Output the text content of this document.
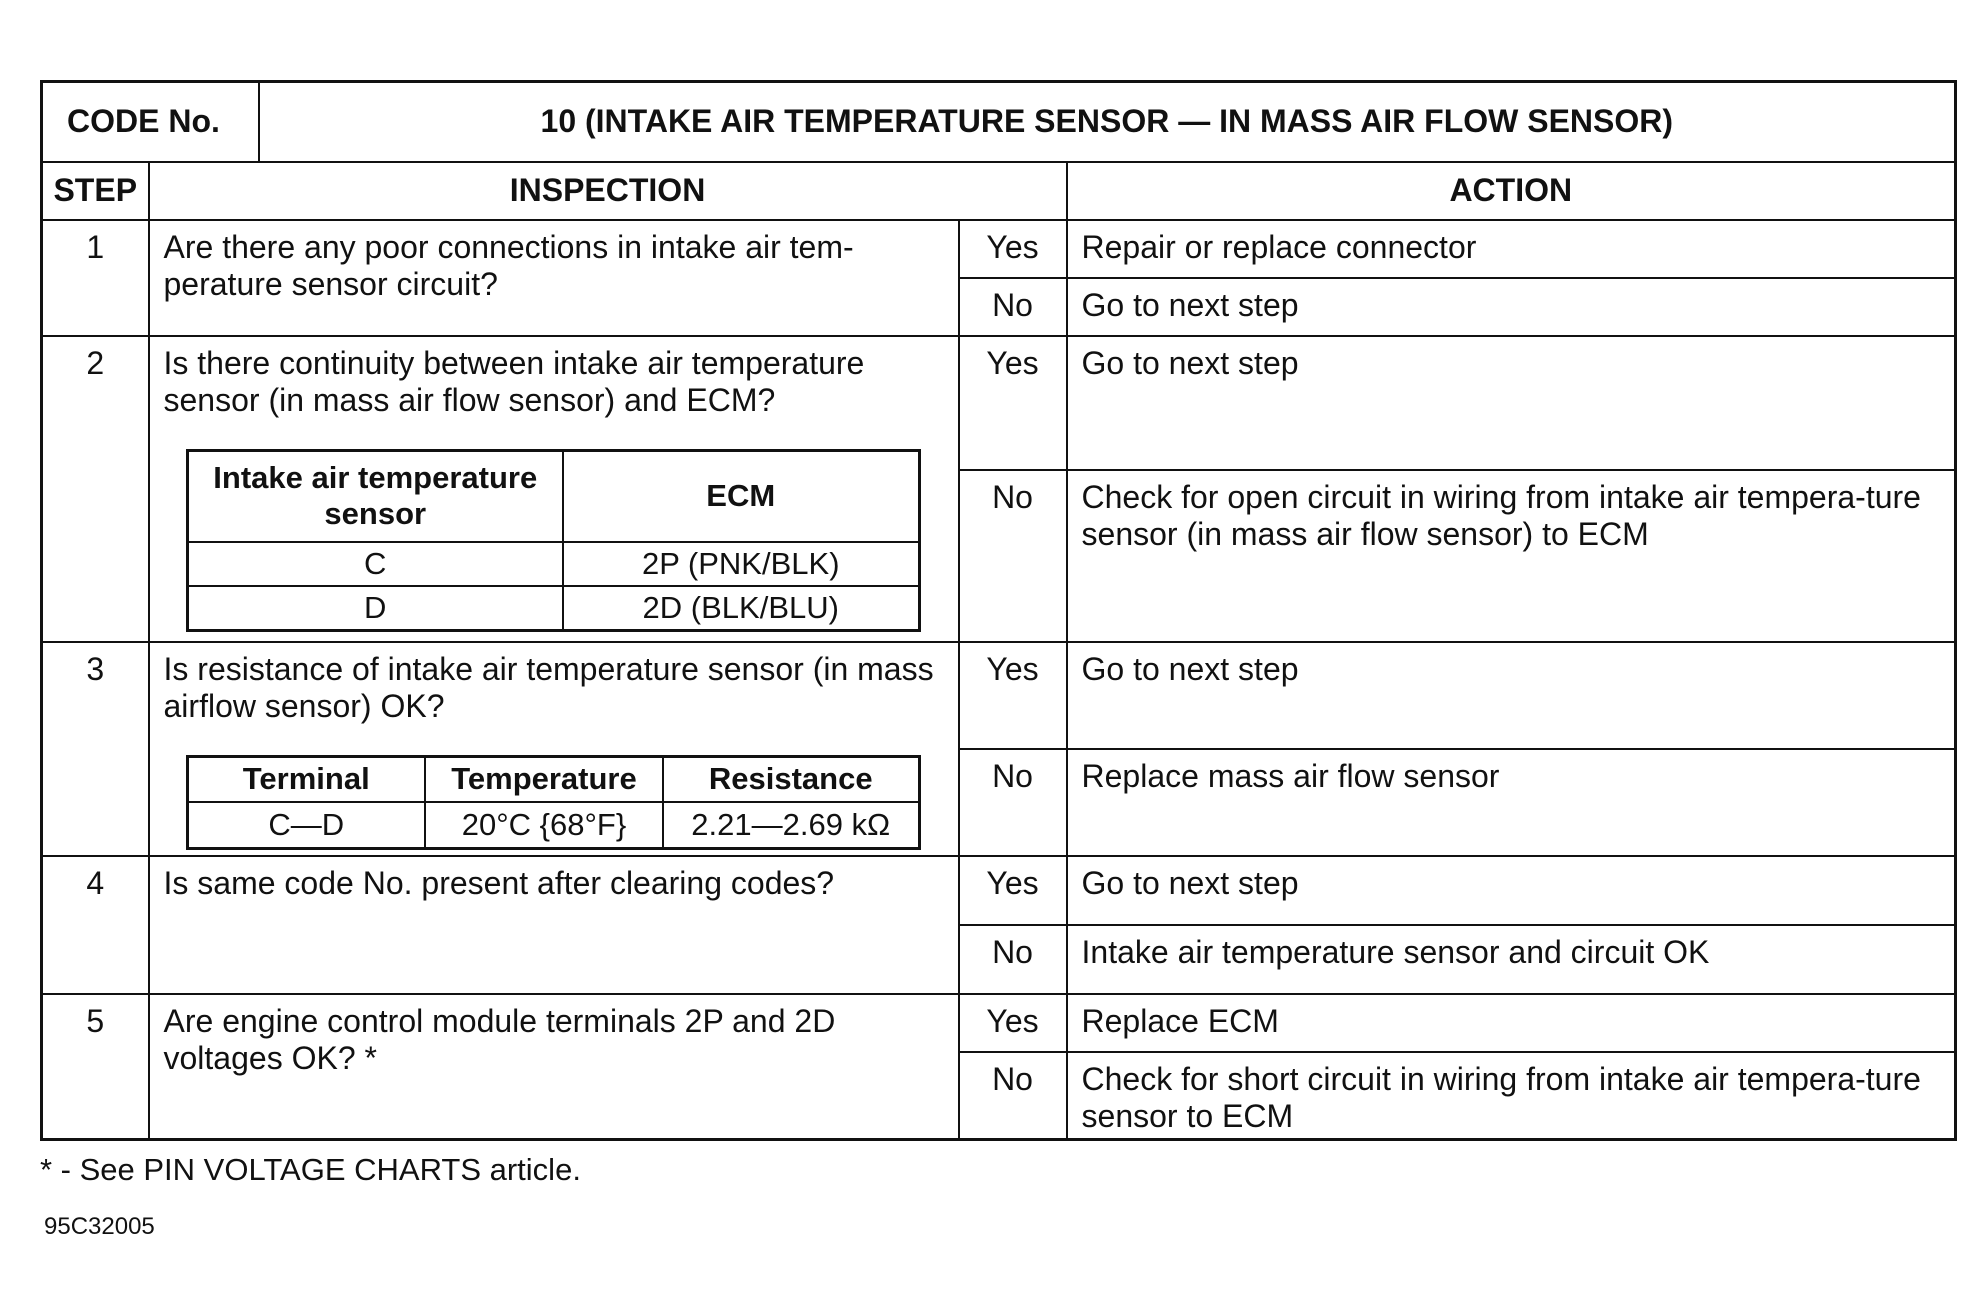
CODE No.	10 (INTAKE AIR TEMPERATURE SENSOR — IN MASS AIR FLOW SENSOR)
STEP	INSPECTION	ACTION
1	Are there any poor connections in intake air tem-perature sensor circuit?	Yes	Repair or replace connector
No	Go to next step
2	Is there continuity between intake air temperature sensor (in mass air flow sensor) and ECM?
Intake air temperature sensor	ECM
C	2P (PNK/BLK)
D	2D (BLK/BLU)
	Yes	Go to next step
No	Check for open circuit in wiring from intake air tempera-ture sensor (in mass air flow sensor) to ECM
3	Is resistance of intake air temperature sensor (in mass airflow sensor) OK?
Terminal	Temperature	Resistance
C—D	20°C {68°F}	2.21—2.69 kΩ
	Yes	Go to next step
No	Replace mass air flow sensor
4	Is same code No. present after clearing codes?	Yes	Go to next step
No	Intake air temperature sensor and circuit OK
5	Are engine control module terminals 2P and 2D voltages OK? *	Yes	Replace ECM
No	Check for short circuit in wiring from intake air tempera-ture sensor to ECM
* - See PIN VOLTAGE CHARTS article.
95C32005
